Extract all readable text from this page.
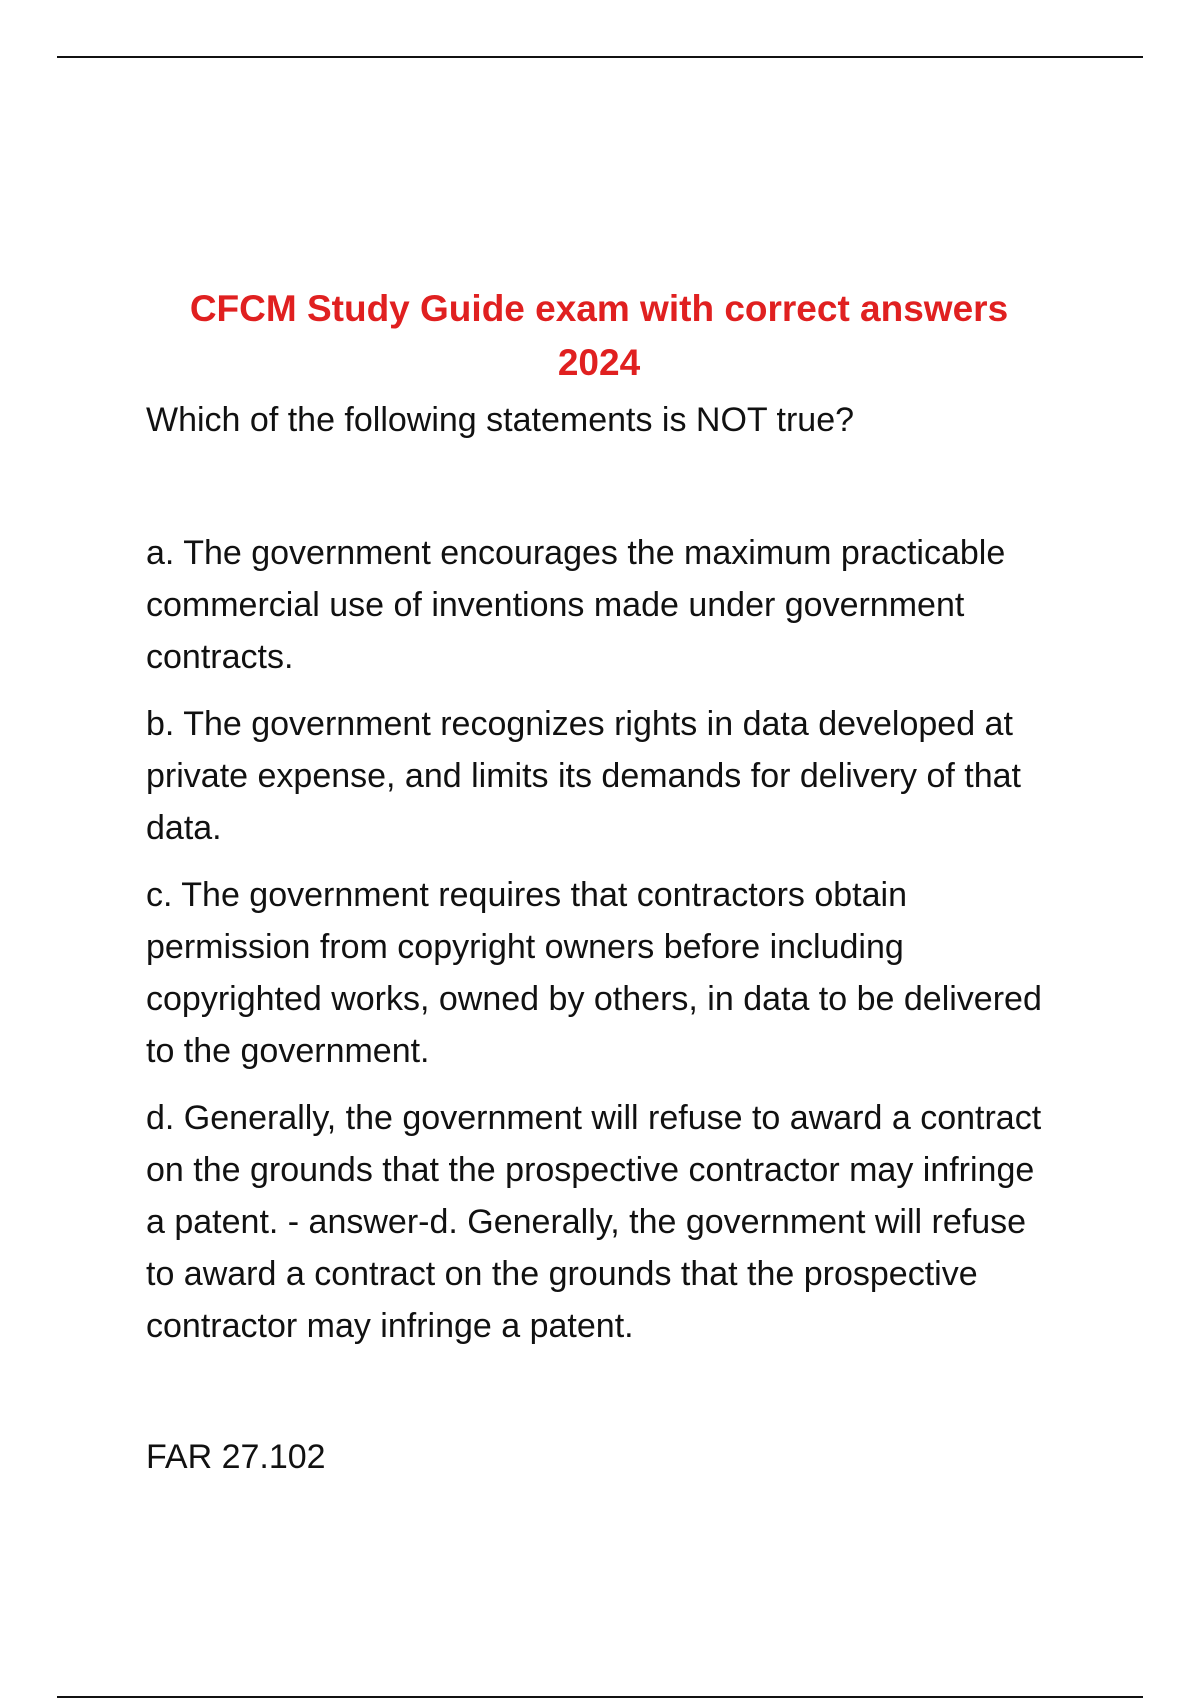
CFCM Study Guide exam with correct answers 2024

Which of the following statements is NOT true?

a. The government encourages the maximum practicable commercial use of inventions made under government contracts.

b. The government recognizes rights in data developed at private expense, and limits its demands for delivery of that data.

c. The government requires that contractors obtain permission from copyright owners before including copyrighted works, owned by others, in data to be delivered to the government.

d. Generally, the government will refuse to award a contract on the grounds that the prospective contractor may infringe a patent. - answer-d. Generally, the government will refuse to award a contract on the grounds that the prospective contractor may infringe a patent.

FAR 27.102
